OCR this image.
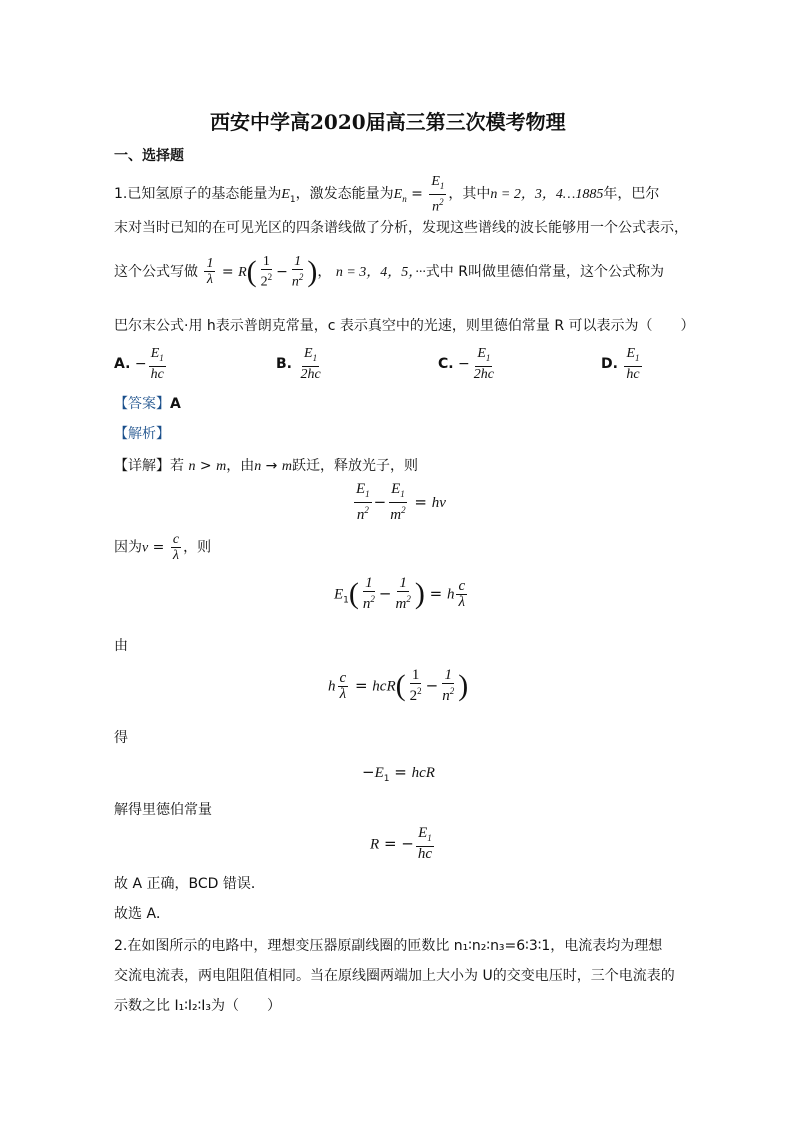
西安中学高2020届高三第三次模考物理
一、选择题
1.已知氢原子的基态能量为$E_1$，激发态能量为$E_n = \frac{E_1}{n^2}$ ，其中n = 2，3，4…1885年，巴尔
末对当时已知的在可见光区的四条谱线做了分析，发现这些谱线的波长能够用一个公式表示，
这个公式写做 $\frac{1}{\lambda} = R( \frac{1}{2^2} - \frac{1}{n^2}$ )， n = 3，4，5，···式中 R叫做里德伯常量，这个公式称为
巴尔末公式·用 h表示普朗克常量，c 表示真空中的光速，则里德伯常量 R 可以表示为（　　）
A. − $\frac{E_1}{hc}$	B. $\frac{E_1}{2hc}$	C. − $\frac{E_1}{2hc}$	D. $\frac{E_1}{hc}$
【答案】A
【解析】
【详解】若 n > m，由n → m跃迁，释放光子，则
$\frac{E_1}{n^2} - \frac{E_1}{m^2} = h\nu$
因为$v = \frac{c}{\lambda}$ ，则
$E_1( \frac{1}{n^2} - \frac{1}{m^2}$ ) = h $\frac{c}{\lambda}$
由
h $\frac{c}{\lambda} = hcR( \frac{1}{2^2} - \frac{1}{n^2}$ )
得
$-E_1$ = hcR
解得里德伯常量
R = − $\frac{E_1}{hc}$
故 A 正确，BCD 错误．
故选 A．
2.在如图所示的电路中，理想变压器原副线圈的匝数比 n₁∶n₂∶n₃=6∶3∶1，电流表均为理想
交流电流表，两电阻阻值相同。当在原线圈两端加上大小为 U的交变电压时，三个电流表的
示数之比 I₁∶I₂∶I₃为（　　）
